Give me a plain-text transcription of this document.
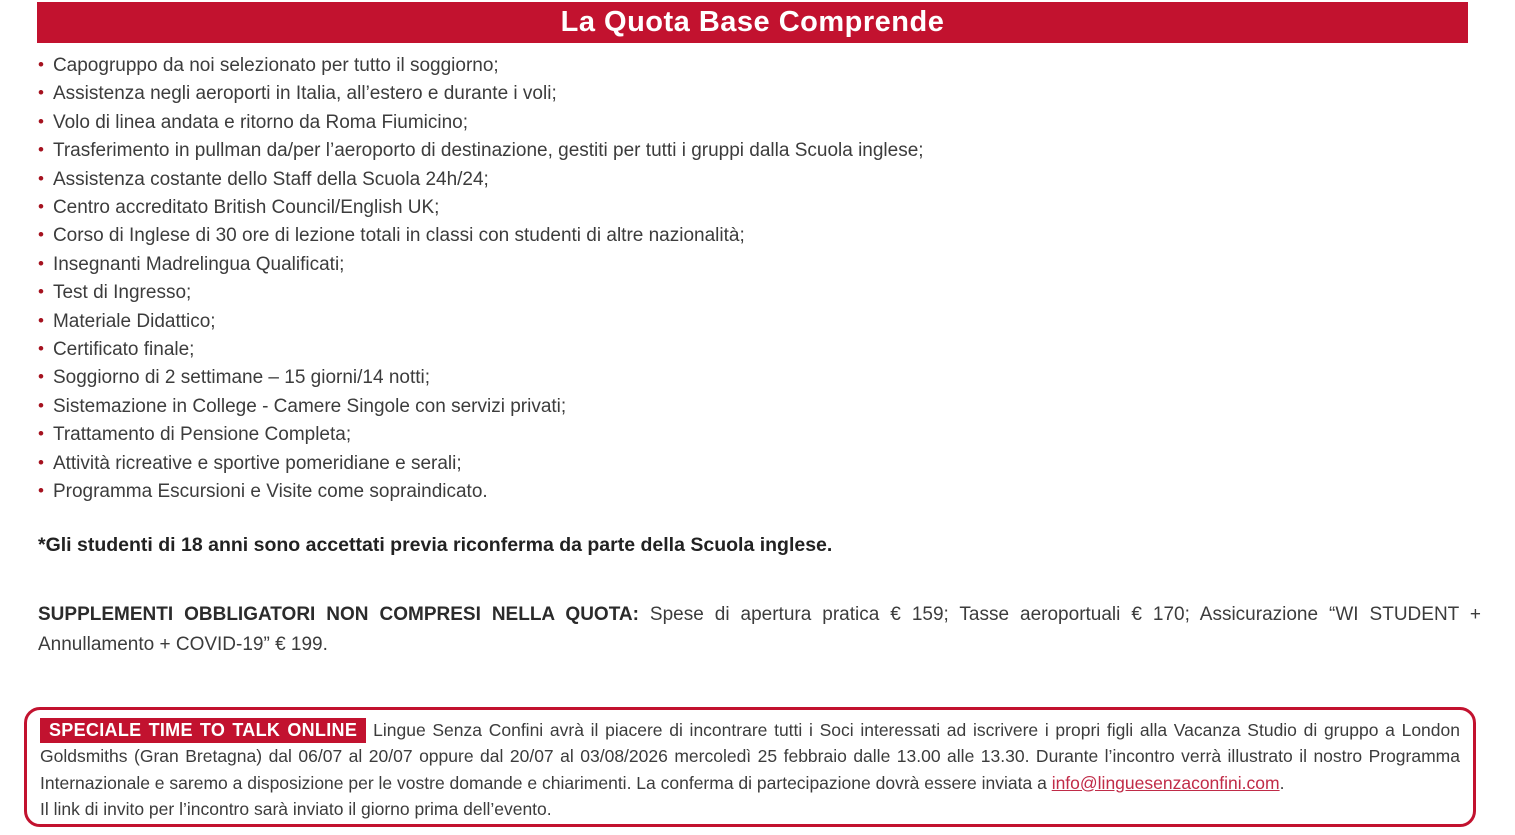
La Quota Base Comprende
• Capogruppo da noi selezionato per tutto il soggiorno;
• Assistenza negli aeroporti in Italia, all’estero e durante i voli;
• Volo di linea andata e ritorno da Roma Fiumicino;
• Trasferimento in pullman da/per l’aeroporto di destinazione, gestiti per tutti i gruppi dalla Scuola inglese;
• Assistenza costante dello Staff della Scuola 24h/24;
• Centro accreditato British Council/English UK;
• Corso di Inglese di 30 ore di lezione totali in classi con studenti di altre nazionalità;
• Insegnanti Madrelingua Qualificati;
• Test di Ingresso;
• Materiale Didattico;
• Certificato finale;
• Soggiorno di 2 settimane – 15 giorni/14 notti;
• Sistemazione in College - Camere Singole con servizi privati;
• Trattamento di Pensione Completa;
• Attività ricreative e sportive pomeridiane e serali;
• Programma Escursioni e Visite come sopraindicato.
*Gli studenti di 18 anni sono accettati previa riconferma da parte della Scuola inglese.
SUPPLEMENTI OBBLIGATORI NON COMPRESI NELLA QUOTA: Spese di apertura pratica € 159; Tasse aeroportuali € 170; Assicurazione “WI STUDENT + Annullamento + COVID-19” € 199.
SPECIALE TIME TO TALK ONLINE Lingue Senza Confini avrà il piacere di incontrare tutti i Soci interessati ad iscrivere i propri figli alla Vacanza Studio di gruppo a London Goldsmiths (Gran Bretagna) dal 06/07 al 20/07 oppure dal 20/07 al 03/08/2026 mercoledì 25 febbraio dalle 13.00 alle 13.30. Durante l’incontro verrà illustrato il nostro Programma Internazionale e saremo a disposizione per le vostre domande e chiarimenti. La conferma di partecipazione dovrà essere inviata a info@linguesenzaconfini.com.
Il link di invito per l’incontro sarà inviato il giorno prima dell’evento.
